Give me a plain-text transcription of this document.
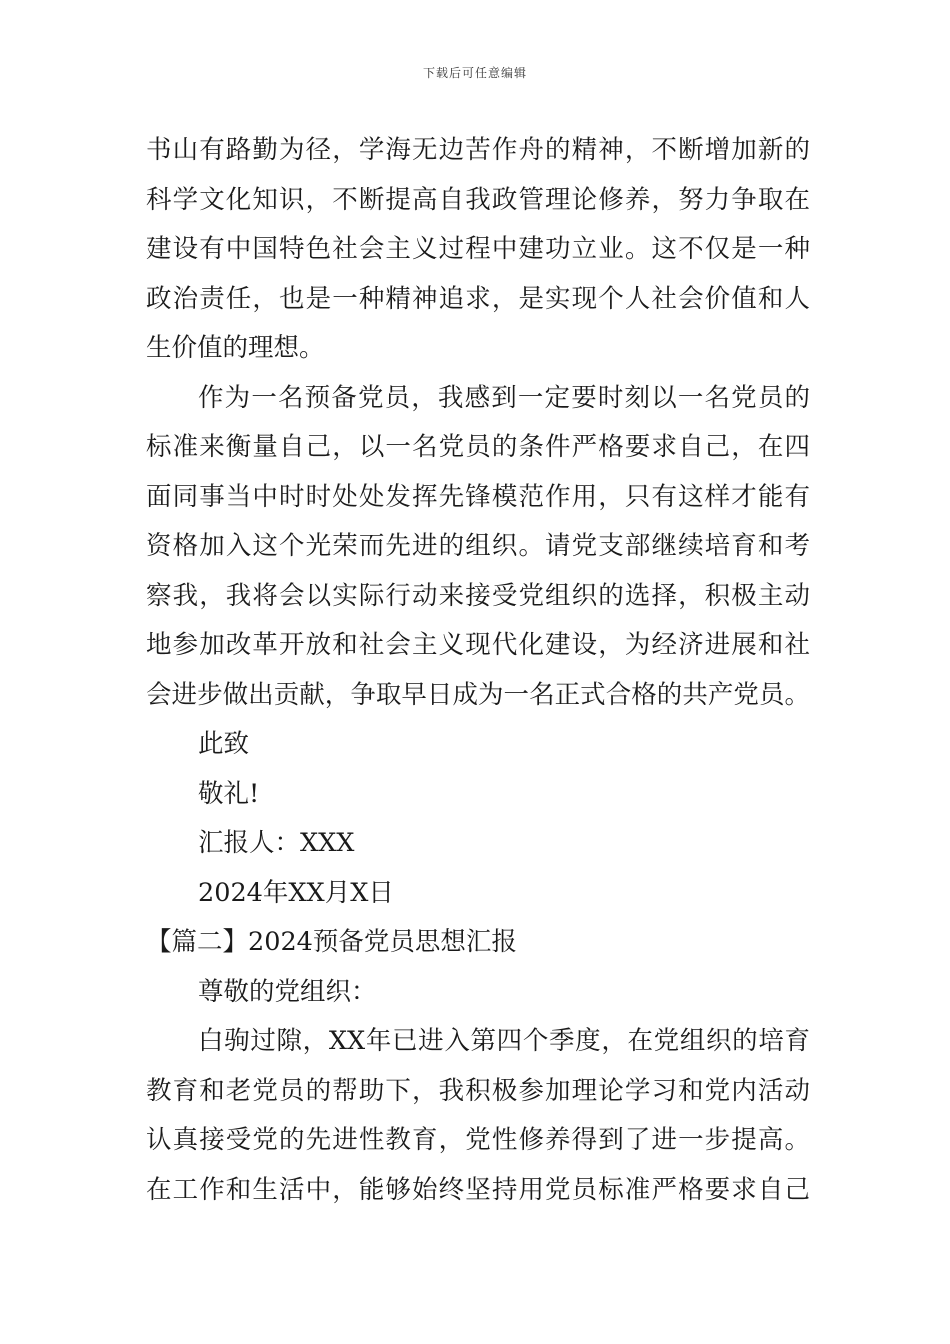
下载后可任意编辑
书山有路勤为径，学海无边苦作舟的精神，不断增加新的
科学文化知识，不断提高自我政管理论修养，努力争取在
建设有中国特色社会主义过程中建功立业。这不仅是一种
政治责任，也是一种精神追求，是实现个人社会价值和人
生价值的理想。
作为一名预备党员，我感到一定要时刻以一名党员的
标准来衡量自己，以一名党员的条件严格要求自己，在四
面同事当中时时处处发挥先锋模范作用，只有这样才能有
资格加入这个光荣而先进的组织。请党支部继续培育和考
察我，我将会以实际行动来接受党组织的选择，积极主动
地参加改革开放和社会主义现代化建设，为经济进展和社
会进步做出贡献，争取早日成为一名正式合格的共产党员。
此致
敬礼!
汇报人：XXX
2024年XX月X日
【篇二】2024预备党员思想汇报
尊敬的党组织：
白驹过隙，XX年已进入第四个季度，在党组织的培育
教育和老党员的帮助下，我积极参加理论学习和党内活动
认真接受党的先进性教育，党性修养得到了进一步提高。
在工作和生活中，能够始终坚持用党员标准严格要求自己
